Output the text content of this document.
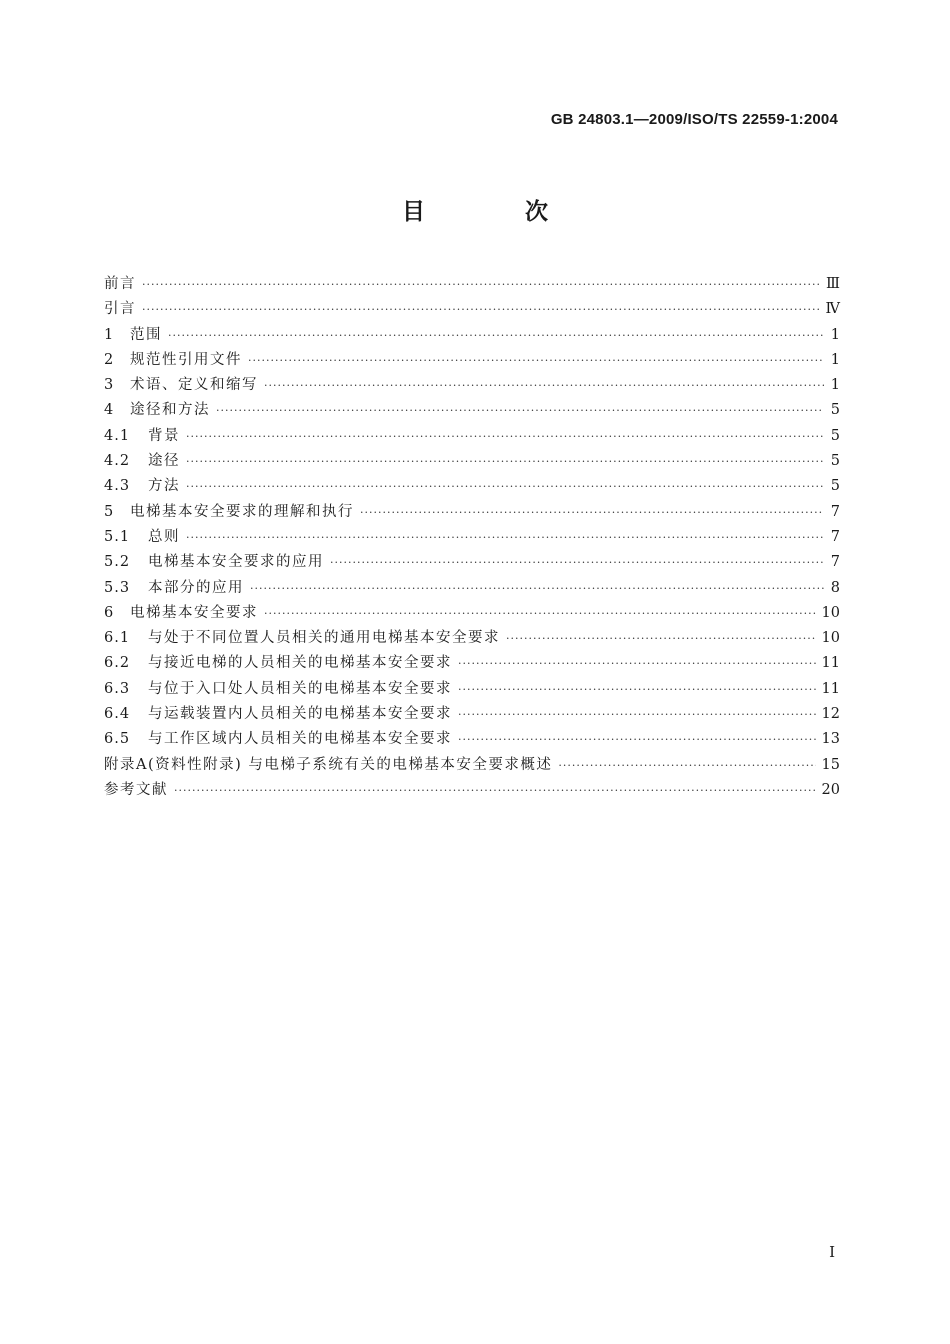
GB 24803.1—2009/ISO/TS 22559-1:2004
目 次
前言 ·····	Ⅲ
引言 ·····	Ⅳ
1	范围 ·····	1
2	规范性引用文件 ·····	1
3	术语、定义和缩写 ·····	1
4	途径和方法 ·····	5
4.1	背景 ·····	5
4.2	途径 ·····	5
4.3	方法 ·····	5
5	电梯基本安全要求的理解和执行 ·····	7
5.1	总则 ·····	7
5.2	电梯基本安全要求的应用 ·····	7
5.3	本部分的应用 ·····	8
6	电梯基本安全要求 ·····	10
6.1	与处于不同位置人员相关的通用电梯基本安全要求 ·····	10
6.2	与接近电梯的人员相关的电梯基本安全要求 ·····	11
6.3	与位于入口处人员相关的电梯基本安全要求 ·····	11
6.4	与运载装置内人员相关的电梯基本安全要求 ·····	12
6.5	与工作区域内人员相关的电梯基本安全要求 ·····	13
附录A(资料性附录) 与电梯子系统有关的电梯基本安全要求概述 ·····	15
参考文献 ·····	20
I
